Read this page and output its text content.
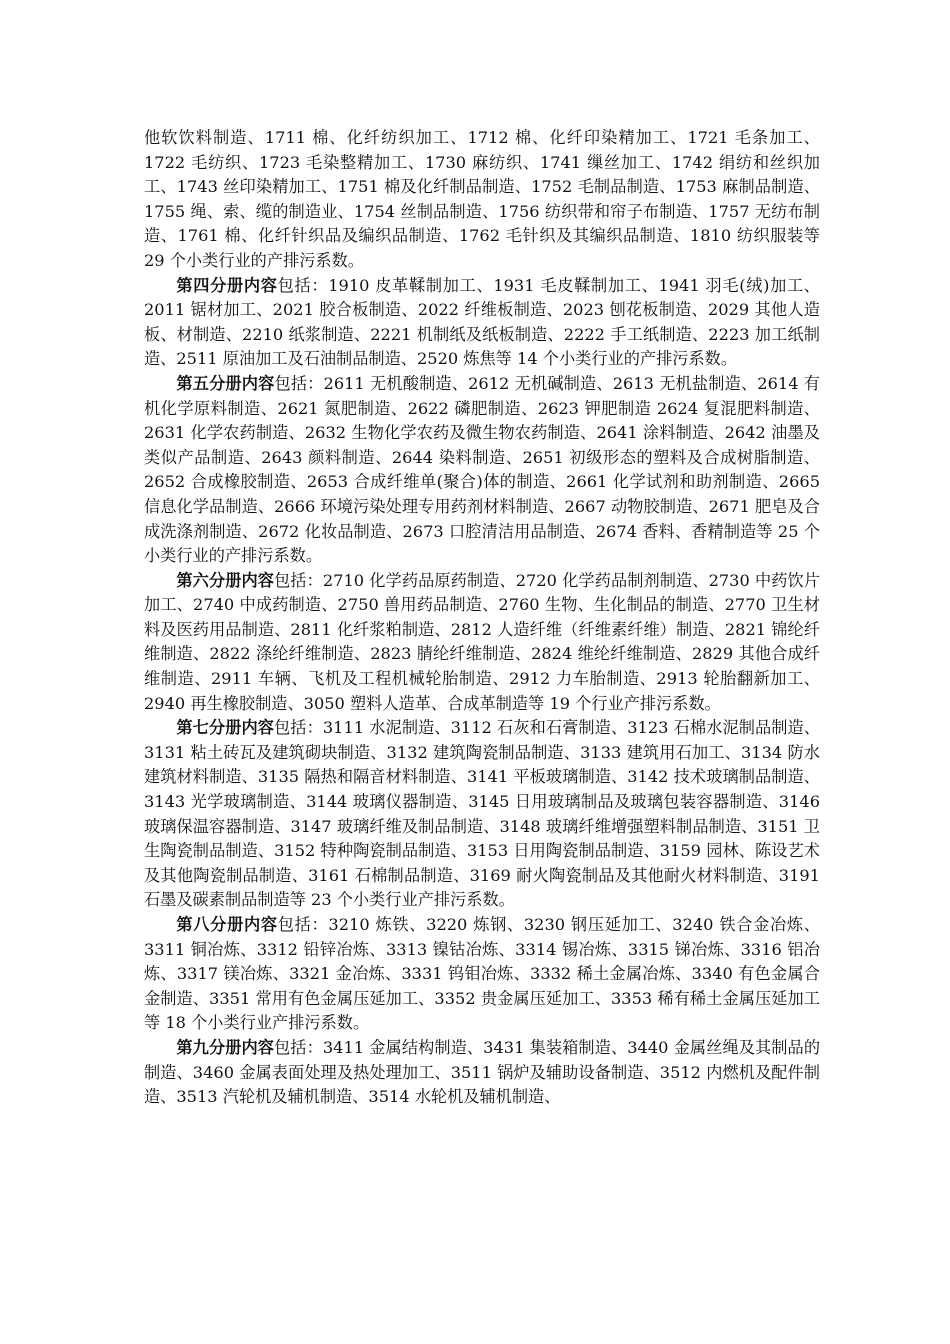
他软饮料制造、1711 棉、化纤纺织加工、1712 棉、化纤印染精加工、1721 毛条加工、1722 毛纺织、1723 毛染整精加工、1730 麻纺织、1741 缫丝加工、1742 绢纺和丝织加工、1743 丝印染精加工、1751 棉及化纤制品制造、1752 毛制品制造、1753 麻制品制造、1755 绳、索、缆的制造业、1754 丝制品制造、1756 纺织带和帘子布制造、1757 无纺布制造、1761 棉、化纤针织品及编织品制造、1762 毛针织及其编织品制造、1810 纺织服装等 29 个小类行业的产排污系数。

第四分册内容包括：1910 皮革鞣制加工、1931 毛皮鞣制加工、1941 羽毛(绒)加工、2011 锯材加工、2021 胶合板制造、2022 纤维板制造、2023 刨花板制造、2029 其他人造板、材制造、2210 纸浆制造、2221 机制纸及纸板制造、2222 手工纸制造、2223 加工纸制造、2511 原油加工及石油制品制造、2520 炼焦等 14 个小类行业的产排污系数。

第五分册内容包括：2611 无机酸制造、2612 无机碱制造、2613 无机盐制造、2614 有机化学原料制造、2621 氮肥制造、2622 磷肥制造、2623 钾肥制造 2624 复混肥料制造、2631 化学农药制造、2632 生物化学农药及微生物农药制造、2641 涂料制造、2642 油墨及类似产品制造、2643 颜料制造、2644 染料制造、2651 初级形态的塑料及合成树脂制造、2652 合成橡胶制造、2653 合成纤维单(聚合)体的制造、2661 化学试剂和助剂制造、2665 信息化学品制造、2666 环境污染处理专用药剂材料制造、2667 动物胶制造、2671 肥皂及合成洗涤剂制造、2672 化妆品制造、2673 口腔清洁用品制造、2674 香料、香精制造等 25 个小类行业的产排污系数。

第六分册内容包括：2710 化学药品原药制造、2720 化学药品制剂制造、2730 中药饮片加工、2740 中成药制造、2750 兽用药品制造、2760 生物、生化制品的制造、2770 卫生材料及医药用品制造、2811 化纤浆粕制造、2812 人造纤维（纤维素纤维）制造、2821 锦纶纤维制造、2822 涤纶纤维制造、2823 腈纶纤维制造、2824 维纶纤维制造、2829 其他合成纤维制造、2911 车辆、飞机及工程机械轮胎制造、2912 力车胎制造、2913 轮胎翻新加工、2940 再生橡胶制造、3050 塑料人造革、合成革制造等 19 个行业产排污系数。

第七分册内容包括：3111 水泥制造、3112 石灰和石膏制造、3123 石棉水泥制品制造、3131 粘土砖瓦及建筑砌块制造、3132 建筑陶瓷制品制造、3133 建筑用石加工、3134 防水建筑材料制造、3135 隔热和隔音材料制造、3141 平板玻璃制造、3142 技术玻璃制品制造、3143 光学玻璃制造、3144 玻璃仪器制造、3145 日用玻璃制品及玻璃包装容器制造、3146 玻璃保温容器制造、3147 玻璃纤维及制品制造、3148 玻璃纤维增强塑料制品制造、3151 卫生陶瓷制品制造、3152 特种陶瓷制品制造、3153 日用陶瓷制品制造、3159 园林、陈设艺术及其他陶瓷制品制造、3161 石棉制品制造、3169 耐火陶瓷制品及其他耐火材料制造、3191 石墨及碳素制品制造等 23 个小类行业产排污系数。

第八分册内容包括：3210 炼铁、3220 炼钢、3230 钢压延加工、3240 铁合金冶炼、3311 铜冶炼、3312 铅锌冶炼、3313 镍钴冶炼、3314 锡冶炼、3315 锑冶炼、3316 铝冶炼、3317 镁冶炼、3321 金冶炼、3331 钨钼冶炼、3332 稀土金属冶炼、3340 有色金属合金制造、3351 常用有色金属压延加工、3352 贵金属压延加工、3353 稀有稀土金属压延加工等 18 个小类行业产排污系数。

第九分册内容包括：3411 金属结构制造、3431 集装箱制造、3440 金属丝绳及其制品的制造、3460 金属表面处理及热处理加工、3511 锅炉及辅助设备制造、3512 内燃机及配件制造、3513 汽轮机及辅机制造、3514 水轮机及辅机制造、
